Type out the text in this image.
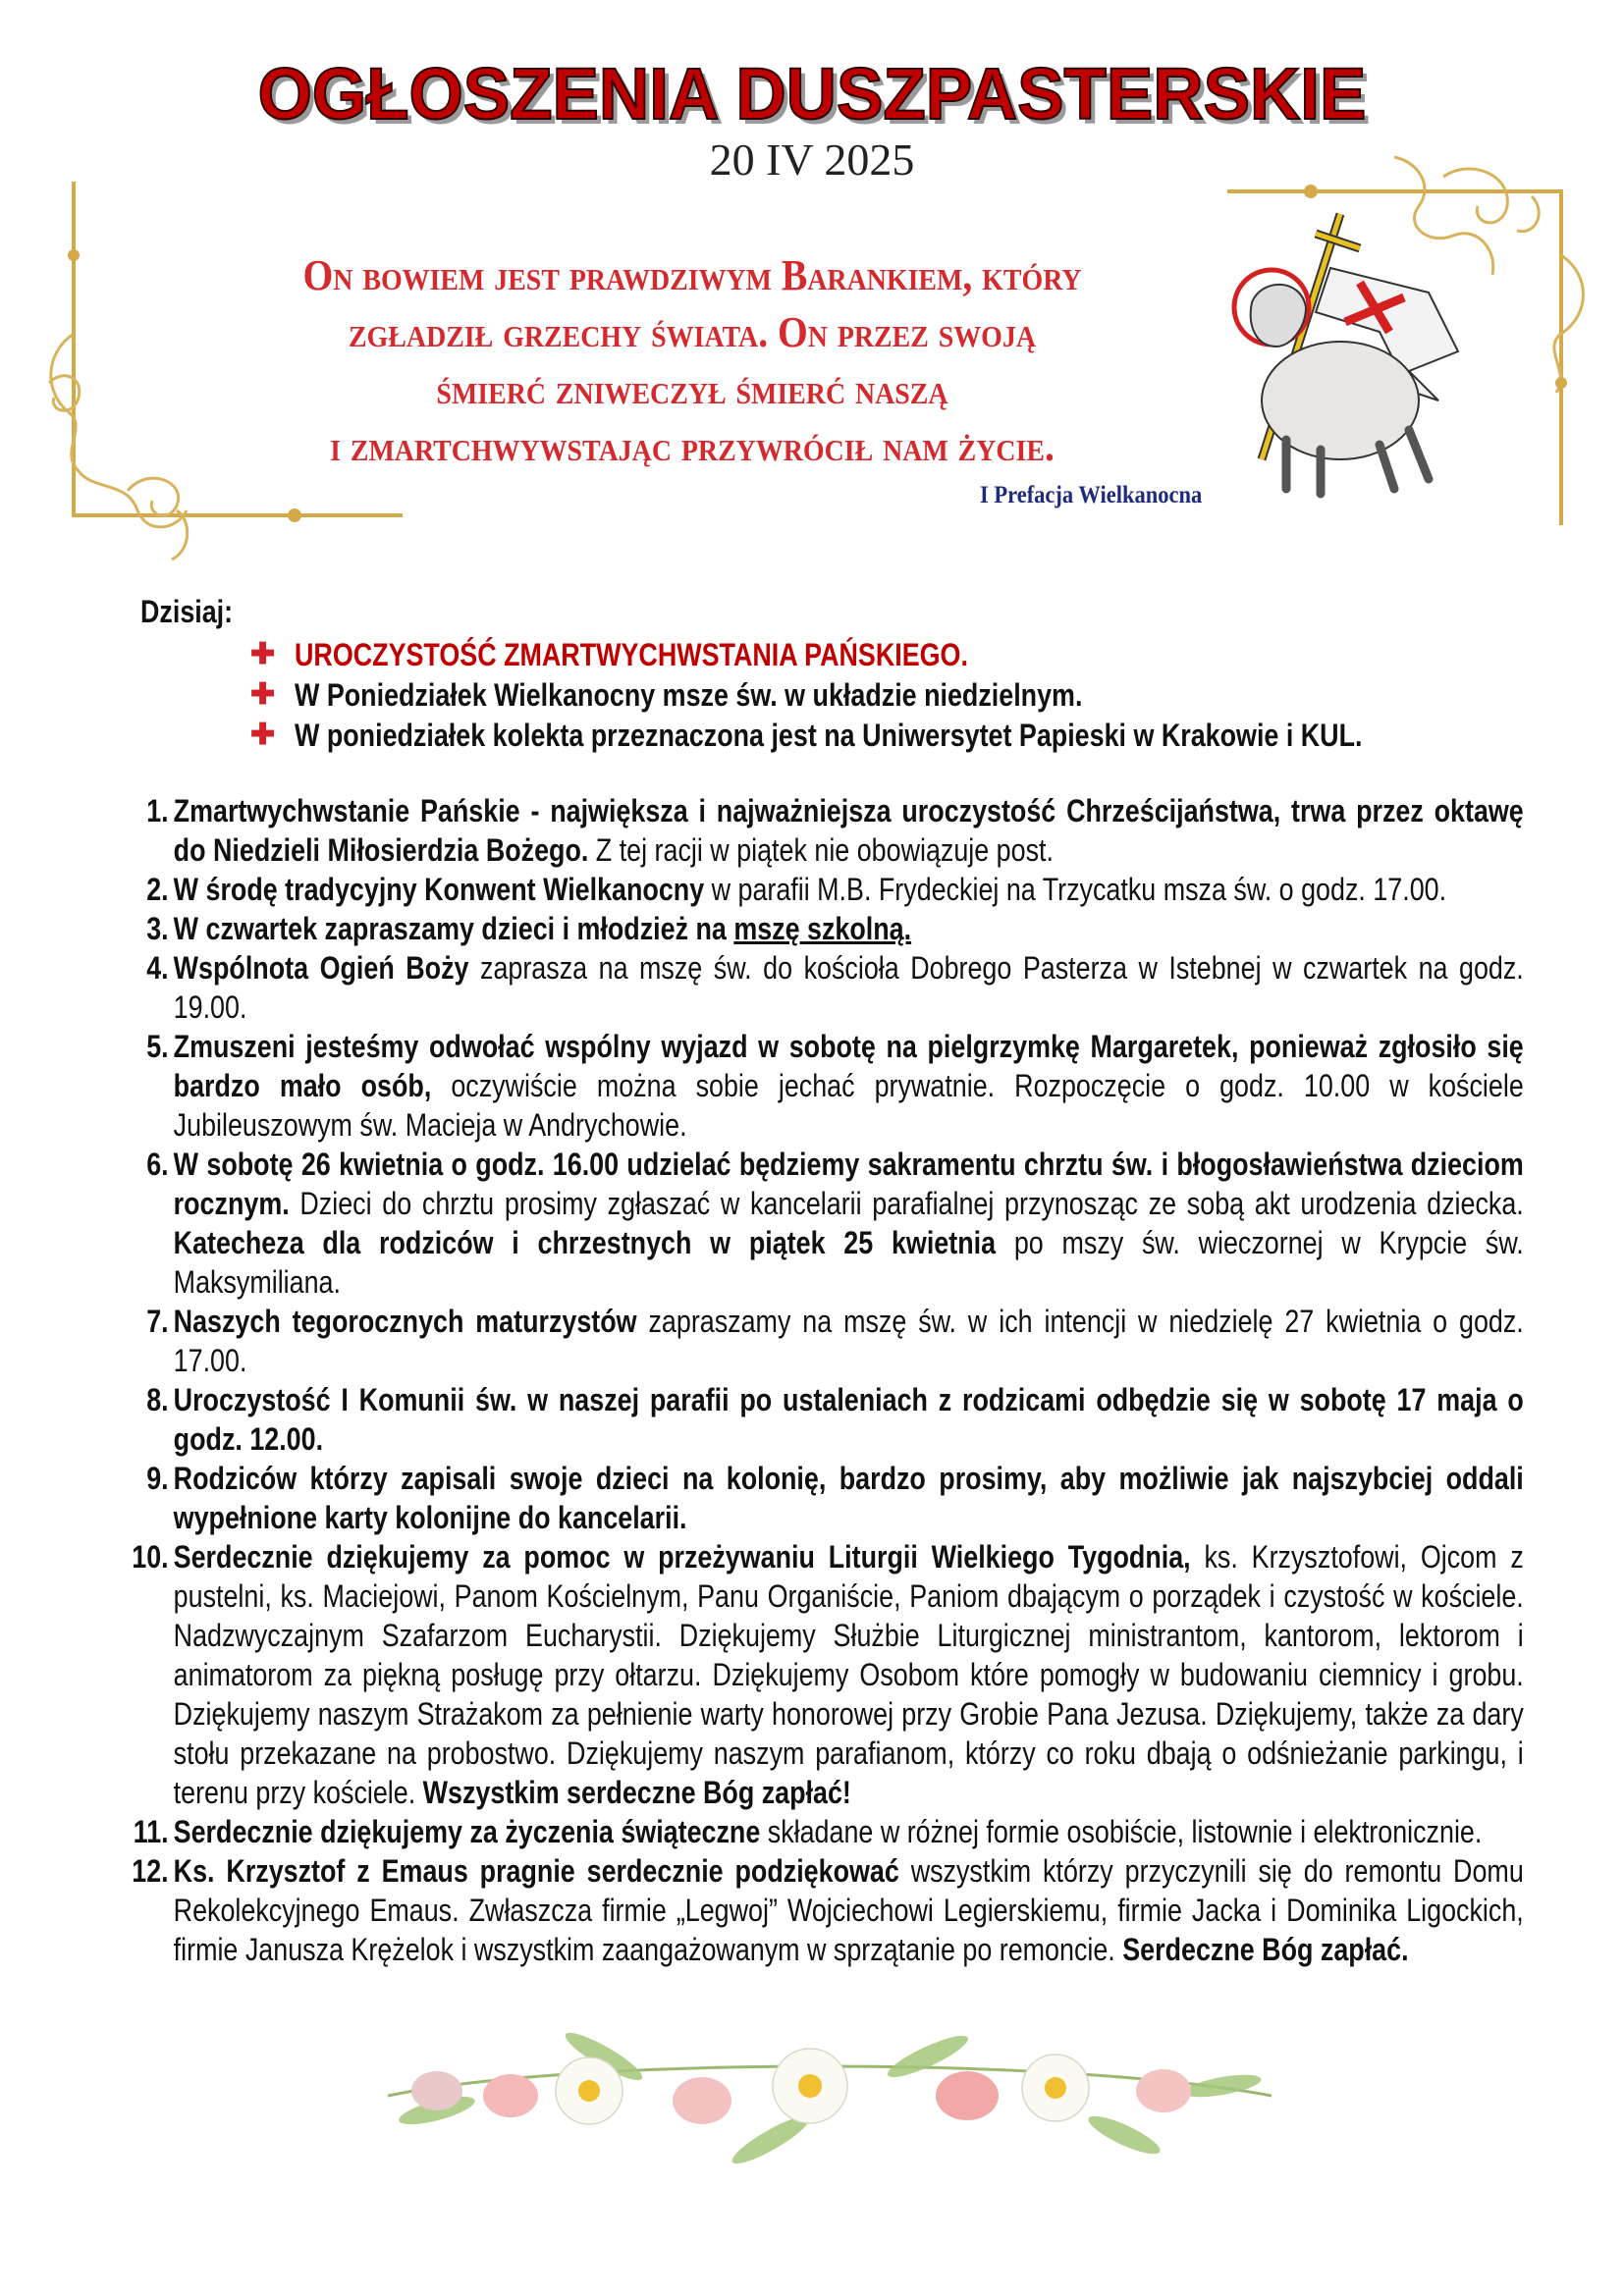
OGŁOSZENIA DUSZPASTERSKIE
20 IV 2025
On bowiem jest prawdziwym Barankiem, który
zgładził grzechy świata. On przez swoją
śmierć zniweczył śmierć naszą
i zmartchwywstając przywrócił nam życie.
I Prefacja Wielkanocna
Dzisiaj:
✚ UROCZYSTOŚĆ ZMARTWYCHWSTANIA PAŃSKIEGO.
✚ W Poniedziałek Wielkanocny msze św. w układzie niedzielnym.
✚ W poniedziałek kolekta przeznaczona jest na Uniwersytet Papieski w Krakowie i KUL.
1. Zmartwychwstanie Pańskie - największa i najważniejsza uroczystość Chrześcijaństwa, trwa przez oktawę do Niedzieli Miłosierdzia Bożego. Z tej racji w piątek nie obowiązuje post.
2. W środę tradycyjny Konwent Wielkanocny w parafii M.B. Frydeckiej na Trzycatku msza św. o godz. 17.00.
3. W czwartek zapraszamy dzieci i młodzież na mszę szkolną.
4. Wspólnota Ogień Boży zaprasza na mszę św. do kościoła Dobrego Pasterza w Istebnej w czwartek na godz. 19.00.
5. Zmuszeni jesteśmy odwołać wspólny wyjazd w sobotę na pielgrzymkę Margaretek, ponieważ zgłosiło się bardzo mało osób, oczywiście można sobie jechać prywatnie. Rozpoczęcie o godz. 10.00 w kościele Jubileuszowym św. Macieja w Andrychowie.
6. W sobotę 26 kwietnia o godz. 16.00 udzielać będziemy sakramentu chrztu św. i błogosławieństwa dzieciom rocznym. Dzieci do chrztu prosimy zgłaszać w kancelarii parafialnej przynosząc ze sobą akt urodzenia dziecka. Katecheza dla rodziców i chrzestnych w piątek 25 kwietnia po mszy św. wieczornej w Krypcie św. Maksymiliana.
7. Naszych tegorocznych maturzystów zapraszamy na mszę św. w ich intencji w niedzielę 27 kwietnia o godz. 17.00.
8. Uroczystość I Komunii św. w naszej parafii po ustaleniach z rodzicami odbędzie się w sobotę 17 maja o godz. 12.00.
9. Rodziców którzy zapisali swoje dzieci na kolonię, bardzo prosimy, aby możliwie jak najszybciej oddali wypełnione karty kolonijne do kancelarii.
10. Serdecznie dziękujemy za pomoc w przeżywaniu Liturgii Wielkiego Tygodnia, ks. Krzysztofowi, Ojcom z pustelni, ks. Maciejowi, Panom Kościelnym, Panu Organiście, Paniom dbającym o porządek i czystość w kościele. Nadzwyczajnym Szafarzom Eucharystii. Dziękujemy Służbie Liturgicznej ministrantom, kantorom, lektorom i animatorom za piękną posługę przy ołtarzu. Dziękujemy Osobom które pomogły w budowaniu ciemnicy i grobu. Dziękujemy naszym Strażakom za pełnienie warty honorowej przy Grobie Pana Jezusa. Dziękujemy, także za dary stołu przekazane na probostwo. Dziękujemy naszym parafianom, którzy co roku dbają o odśnieżanie parkingu, i terenu przy kościele. Wszystkim serdeczne Bóg zapłać!
11. Serdecznie dziękujemy za życzenia świąteczne składane w różnej formie osobiście, listownie i elektronicznie.
12. Ks. Krzysztof z Emaus pragnie serdecznie podziękować wszystkim którzy przyczynili się do remontu Domu Rekolekcyjnego Emaus. Zwłaszcza firmie „Legwoj” Wojciechowi Legierskiemu, firmie Jacka i Dominika Ligockich, firmie Janusza Krężelok i wszystkim zaangażowanym w sprzątanie po remoncie. Serdeczne Bóg zapłać.
